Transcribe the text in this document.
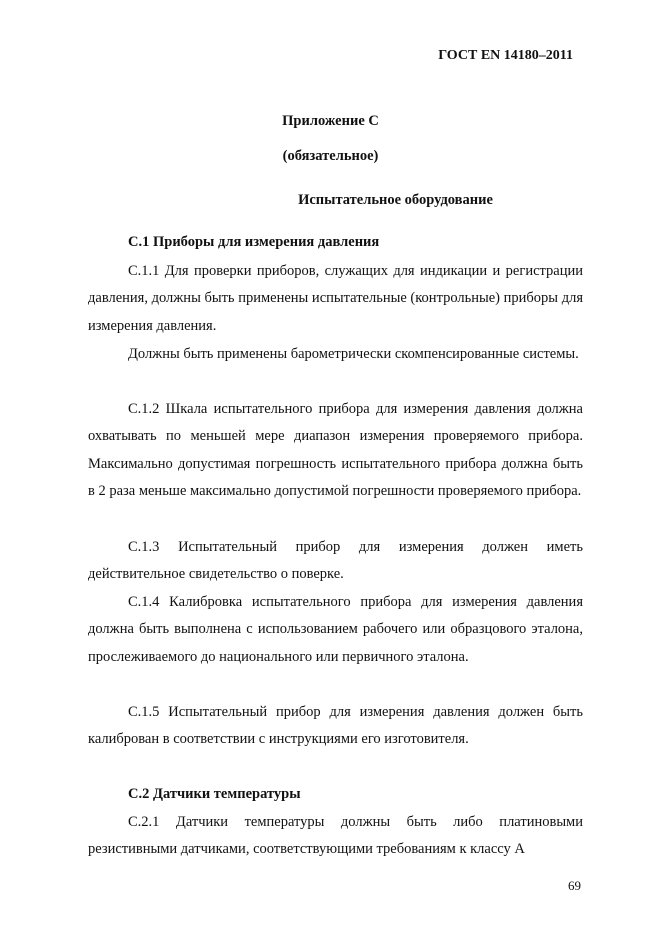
ГОСТ EN 14180–2011
Приложение С
(обязательное)
Испытательное оборудование
С.1 Приборы для измерения давления

С.1.1 Для проверки приборов, служащих для индикации и регистрации давления, должны быть применены испытательные (контрольные) приборы для измерения давления.

Должны быть применены барометрически скомпенсированные системы.

С.1.2 Шкала испытательного прибора для измерения давления должна охватывать по меньшей мере диапазон измерения проверяемого прибора. Максимально допустимая погрешность испытательного прибора должна быть в 2 раза меньше максимально допустимой погрешности проверяемого прибора.

С.1.3 Испытательный прибор для измерения должен иметь действительное свидетельство о поверке.

С.1.4 Калибровка испытательного прибора для измерения давления должна быть выполнена с использованием рабочего или образцового эталона, прослеживаемого до национального или первичного эталона.

С.1.5 Испытательный прибор для измерения давления должен быть калиброван в соответствии с инструкциями его изготовителя.

С.2 Датчики температуры

С.2.1 Датчики температуры должны быть либо платиновыми резистивными датчиками, соответствующими требованиям к классу А

69
